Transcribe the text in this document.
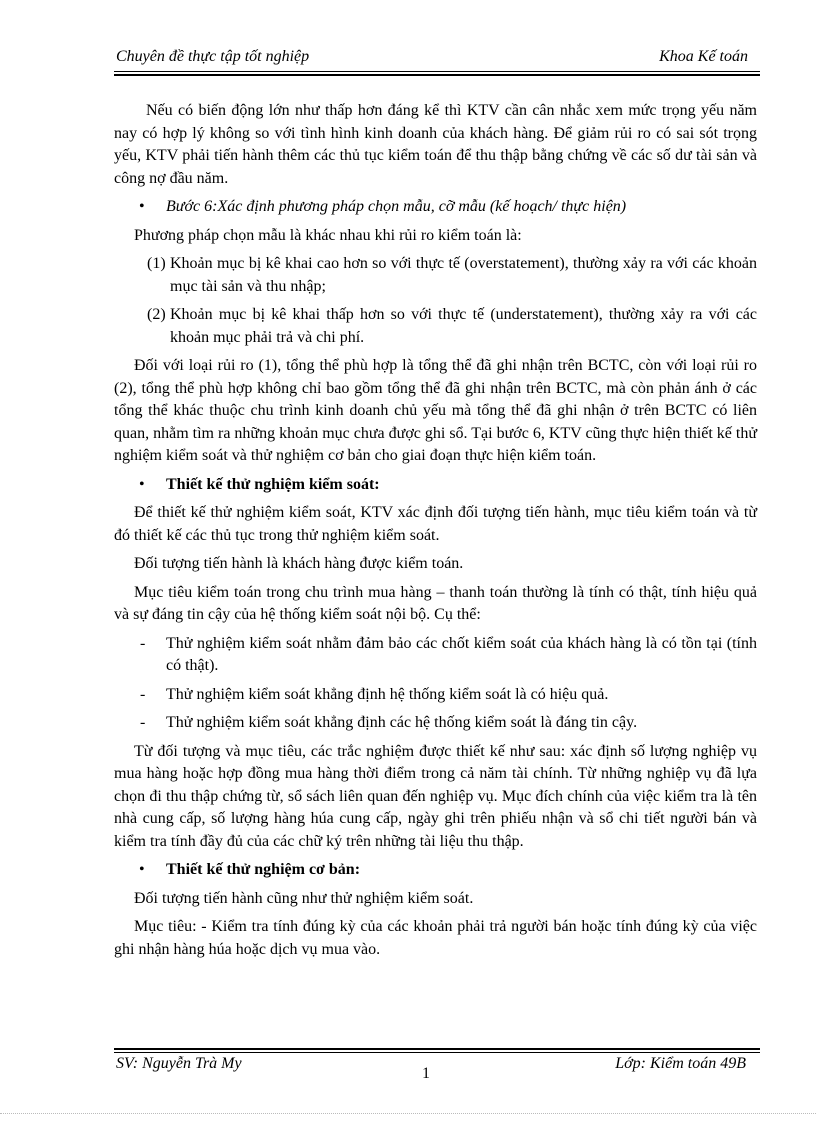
Chuyên đề thực tập tốt nghiệp	Khoa Kế toán

Nếu có biến động lớn như thấp hơn đáng kể thì KTV cần cân nhắc xem mức trọng yếu năm nay có hợp lý không so với tình hình kinh doanh của khách hàng. Để giảm rủi ro có sai sót trọng yếu, KTV phải tiến hành thêm các thủ tục kiểm toán để thu thập bằng chứng về các số dư tài sản và công nợ đầu năm.

• Bước 6:Xác định phương pháp chọn mẫu, cỡ mẫu (kế hoạch/ thực hiện)

Phương pháp chọn mẫu là khác nhau khi rủi ro kiểm toán là:

(1) Khoản mục bị kê khai cao hơn so với thực tế (overstatement), thường xảy ra với các khoản mục tài sản và thu nhập;
(2) Khoản mục bị kê khai thấp hơn so với thực tế (understatement), thường xảy ra với các khoản mục phải trả và chi phí.

Đối với loại rủi ro (1), tổng thể phù hợp là tổng thể đã ghi nhận trên BCTC, còn với loại rủi ro (2), tổng thể phù hợp không chỉ bao gồm tổng thể đã ghi nhận trên BCTC, mà còn phản ánh ở các tổng thể khác thuộc chu trình kinh doanh chủ yếu mà tổng thể đã ghi nhận ở trên BCTC có liên quan, nhằm tìm ra những khoản mục chưa được ghi sổ. Tại bước 6, KTV cũng thực hiện thiết kế thử nghiệm kiểm soát và thử nghiệm cơ bản cho giai đoạn thực hiện kiểm toán.

• Thiết kế thử nghiệm kiểm soát:

Để thiết kế thử nghiệm kiểm soát, KTV xác định đối tượng tiến hành, mục tiêu kiểm toán và từ đó thiết kế các thủ tục trong thử nghiệm kiểm soát.

Đối tượng tiến hành là khách hàng được kiểm toán.

Mục tiêu kiểm toán trong chu trình mua hàng – thanh toán thường là tính có thật, tính hiệu quả và sự đáng tin cậy của hệ thống kiểm soát nội bộ. Cụ thể:

- Thử nghiệm kiểm soát nhằm đảm bảo các chốt kiểm soát của khách hàng là có tồn tại (tính có thật).
- Thử nghiệm kiểm soát khẳng định hệ thống kiểm soát là có hiệu quả.
- Thử nghiệm kiểm soát khẳng định các hệ thống kiểm soát là đáng tin cậy.

Từ đối tượng và mục tiêu, các trắc nghiệm được thiết kế như sau: xác định số lượng nghiệp vụ mua hàng hoặc hợp đồng mua hàng thời điểm trong cả năm tài chính. Từ những nghiệp vụ đã lựa chọn đi thu thập chứng từ, sổ sách liên quan đến nghiệp vụ. Mục đích chính của việc kiểm tra là tên nhà cung cấp, số lượng hàng húa cung cấp, ngày ghi trên phiếu nhận và sổ chi tiết người bán và kiểm tra tính đầy đủ của các chữ ký trên những tài liệu thu thập.

• Thiết kế thử nghiệm cơ bản:

Đối tượng tiến hành cũng như thử nghiệm kiểm soát.

Mục tiêu: - Kiểm tra tính đúng kỳ của các khoản phải trả người bán hoặc tính đúng kỳ của việc ghi nhận hàng húa hoặc dịch vụ mua vào.

SV: Nguyễn Trà My
1
Lớp: Kiểm toán 49B
